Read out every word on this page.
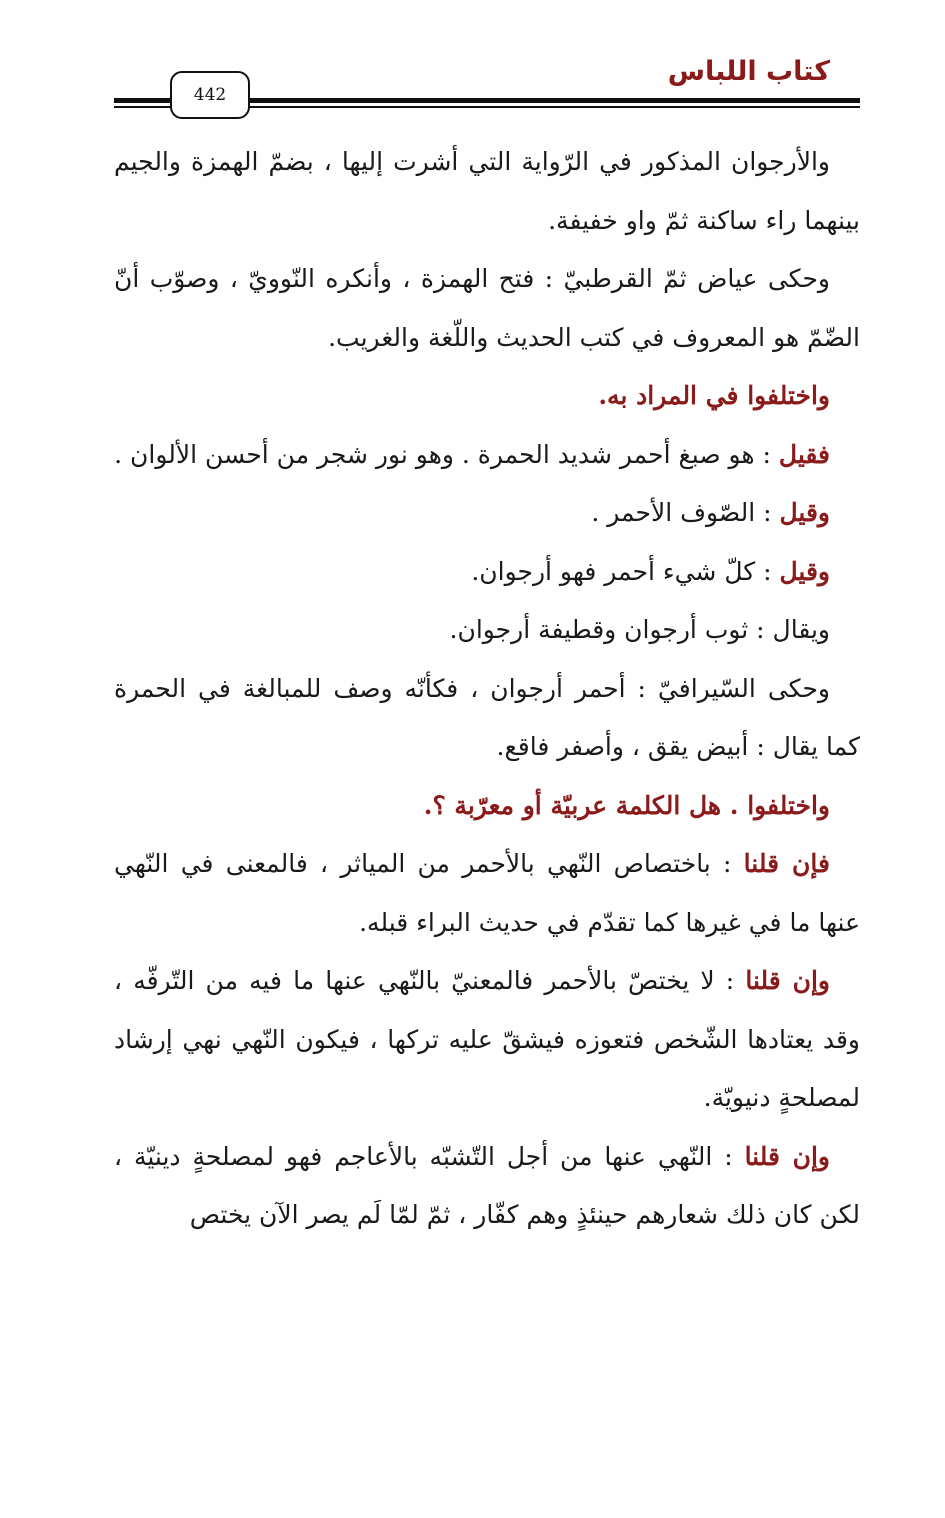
كتاب اللباس
442

والأرجوان المذكور في الرّواية التي أشرت إليها ، بضمّ الهمزة والجيم بينهما راء ساكنة ثمّ واو خفيفة.

وحكى عياض ثمّ القرطبيّ : فتح الهمزة ، وأنكره النّوويّ ، وصوّب أنّ الضّمّ هو المعروف في كتب الحديث واللّغة والغريب.

واختلفوا في المراد به.

فقيل : هو صبغ أحمر شديد الحمرة . وهو نور شجر من أحسن الألوان .

وقيل : الصّوف الأحمر .

وقيل : كلّ شيء أحمر فهو أرجوان.

ويقال : ثوب أرجوان وقطيفة أرجوان.

وحكى السّيرافيّ : أحمر أرجوان ، فكأنّه وصف للمبالغة في الحمرة كما يقال : أبيض يقق ، وأصفر فاقع.

واختلفوا . هل الكلمة عربيّة أو معرّبة ؟.

فإن قلنا : باختصاص النّهي بالأحمر من المياثر ، فالمعنى في النّهي عنها ما في غيرها كما تقدّم في حديث البراء قبله.

وإن قلنا : لا يختصّ بالأحمر فالمعنيّ بالنّهي عنها ما فيه من التّرفّه ، وقد يعتادها الشّخص فتعوزه فيشقّ عليه تركها ، فيكون النّهي نهي إرشاد لمصلحةٍ دنيويّة.

وإن قلنا : النّهي عنها من أجل التّشبّه بالأعاجم فهو لمصلحةٍ دينيّة ، لكن كان ذلك شعارهم حينئذٍ وهم كفّار ، ثمّ لمّا لَم يصر الآن يختص
